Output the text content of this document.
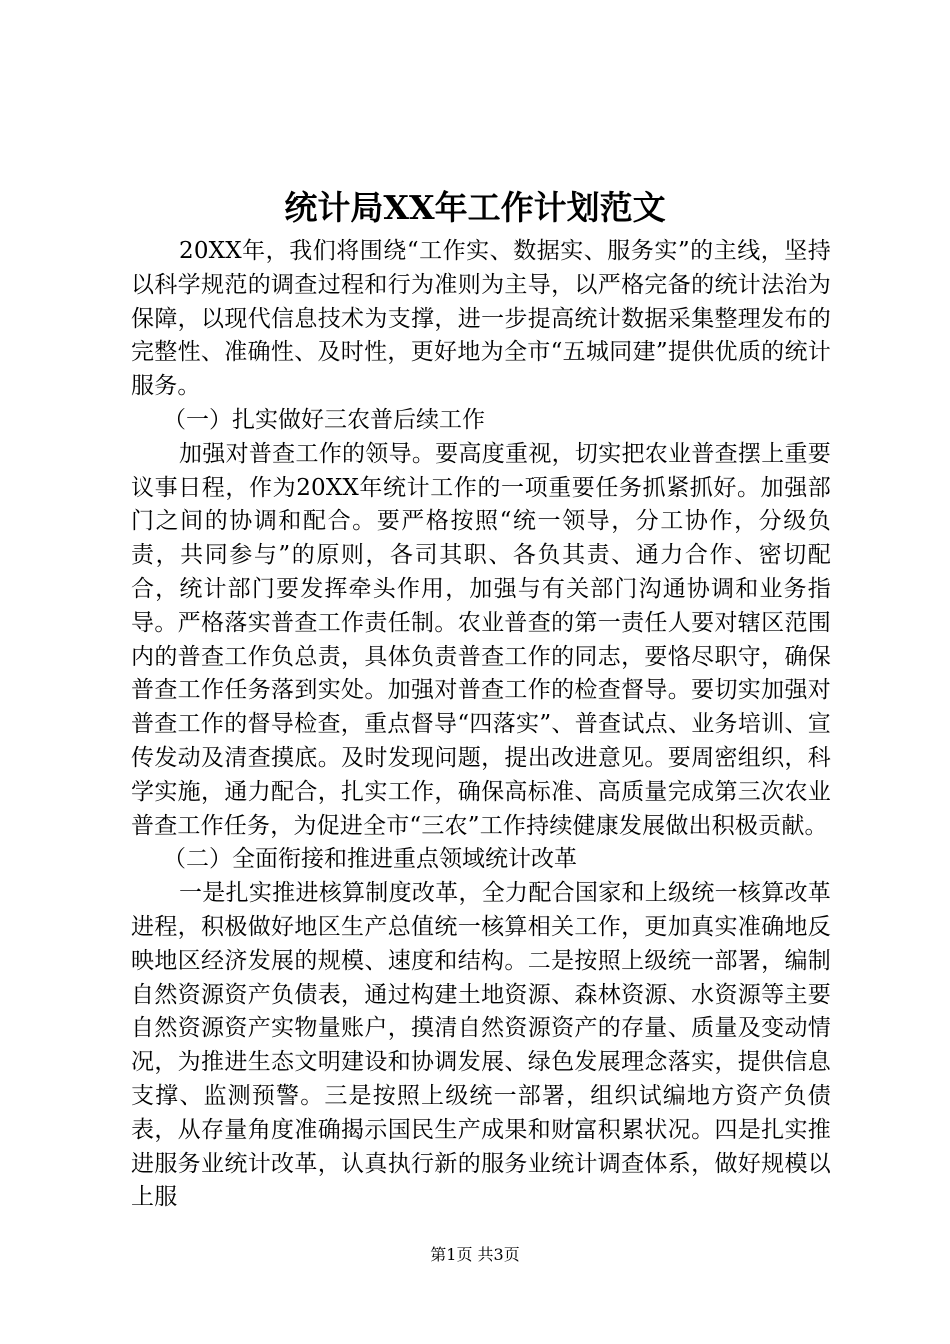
统计局XX年工作计划范文

20XX年，我们将围绕“工作实、数据实、服务实”的主线，坚持以科学规范的调查过程和行为准则为主导，以严格完备的统计法治为保障，以现代信息技术为支撑，进一步提高统计数据采集整理发布的完整性、准确性、及时性，更好地为全市“五城同建”提供优质的统计服务。

（一）扎实做好三农普后续工作

加强对普查工作的领导。要高度重视，切实把农业普查摆上重要议事日程，作为20XX年统计工作的一项重要任务抓紧抓好。加强部门之间的协调和配合。要严格按照“统一领导，分工协作，分级负责，共同参与”的原则，各司其职、各负其责、通力合作、密切配合，统计部门要发挥牵头作用，加强与有关部门沟通协调和业务指导。严格落实普查工作责任制。农业普查的第一责任人要对辖区范围内的普查工作负总责，具体负责普查工作的同志，要恪尽职守，确保普查工作任务落到实处。加强对普查工作的检查督导。要切实加强对普查工作的督导检查，重点督导“四落实”、普查试点、业务培训、宣传发动及清查摸底。及时发现问题，提出改进意见。要周密组织，科学实施，通力配合，扎实工作，确保高标准、高质量完成第三次农业普查工作任务，为促进全市“三农”工作持续健康发展做出积极贡献。

（二）全面衔接和推进重点领域统计改革

一是扎实推进核算制度改革，全力配合国家和上级统一核算改革进程，积极做好地区生产总值统一核算相关工作，更加真实准确地反映地区经济发展的规模、速度和结构。二是按照上级统一部署，编制自然资源资产负债表，通过构建土地资源、森林资源、水资源等主要自然资源资产实物量账户，摸清自然资源资产的存量、质量及变动情况，为推进生态文明建设和协调发展、绿色发展理念落实，提供信息支撑、监测预警。三是按照上级统一部署，组织试编地方资产负债表，从存量角度准确揭示国民生产成果和财富积累状况。四是扎实推进服务业统计改革，认真执行新的服务业统计调查体系，做好规模以上服

第1页 共3页
